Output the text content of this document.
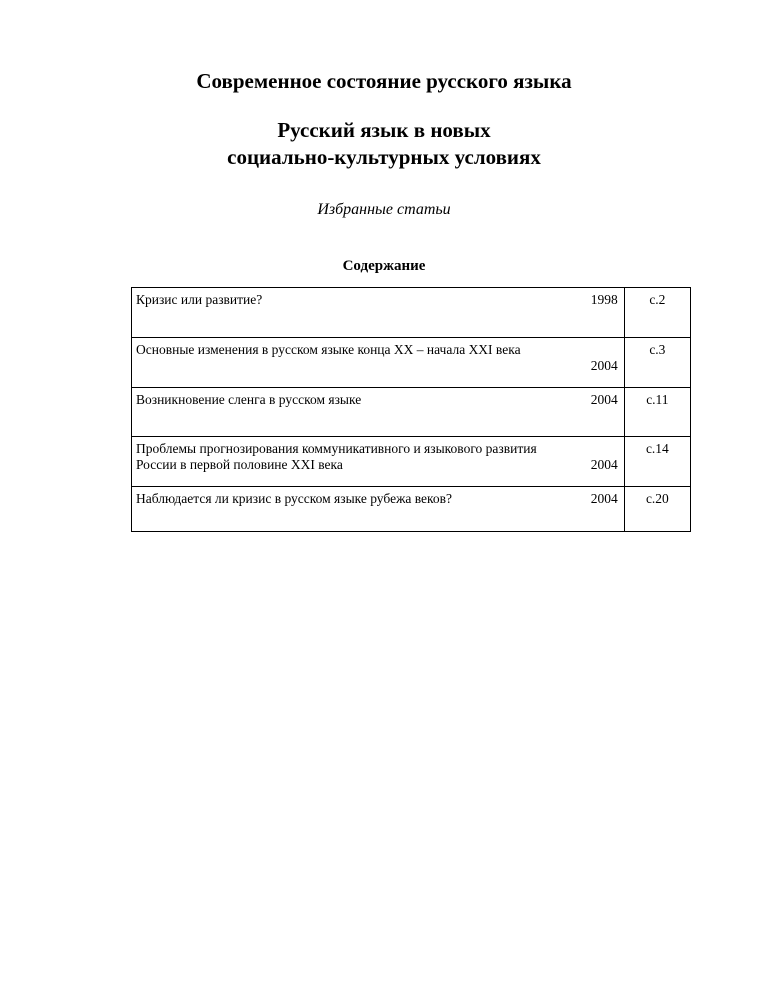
Современное состояние русского языка
Русский язык в новых
социально-культурных условиях

Избранные статьи

Содержание

Кризис или развитие? 1998	с.2
Основные изменения в русском языке конца XX – начала XXI века
2004	с.3

Возникновение сленга в русском языке 2004	с.11

Проблемы прогнозирования коммуникативного и языкового развития
России в первой половине XXI века 2004	с.14

Наблюдается ли кризис в русском языке рубежа веков? 2004	с.20
